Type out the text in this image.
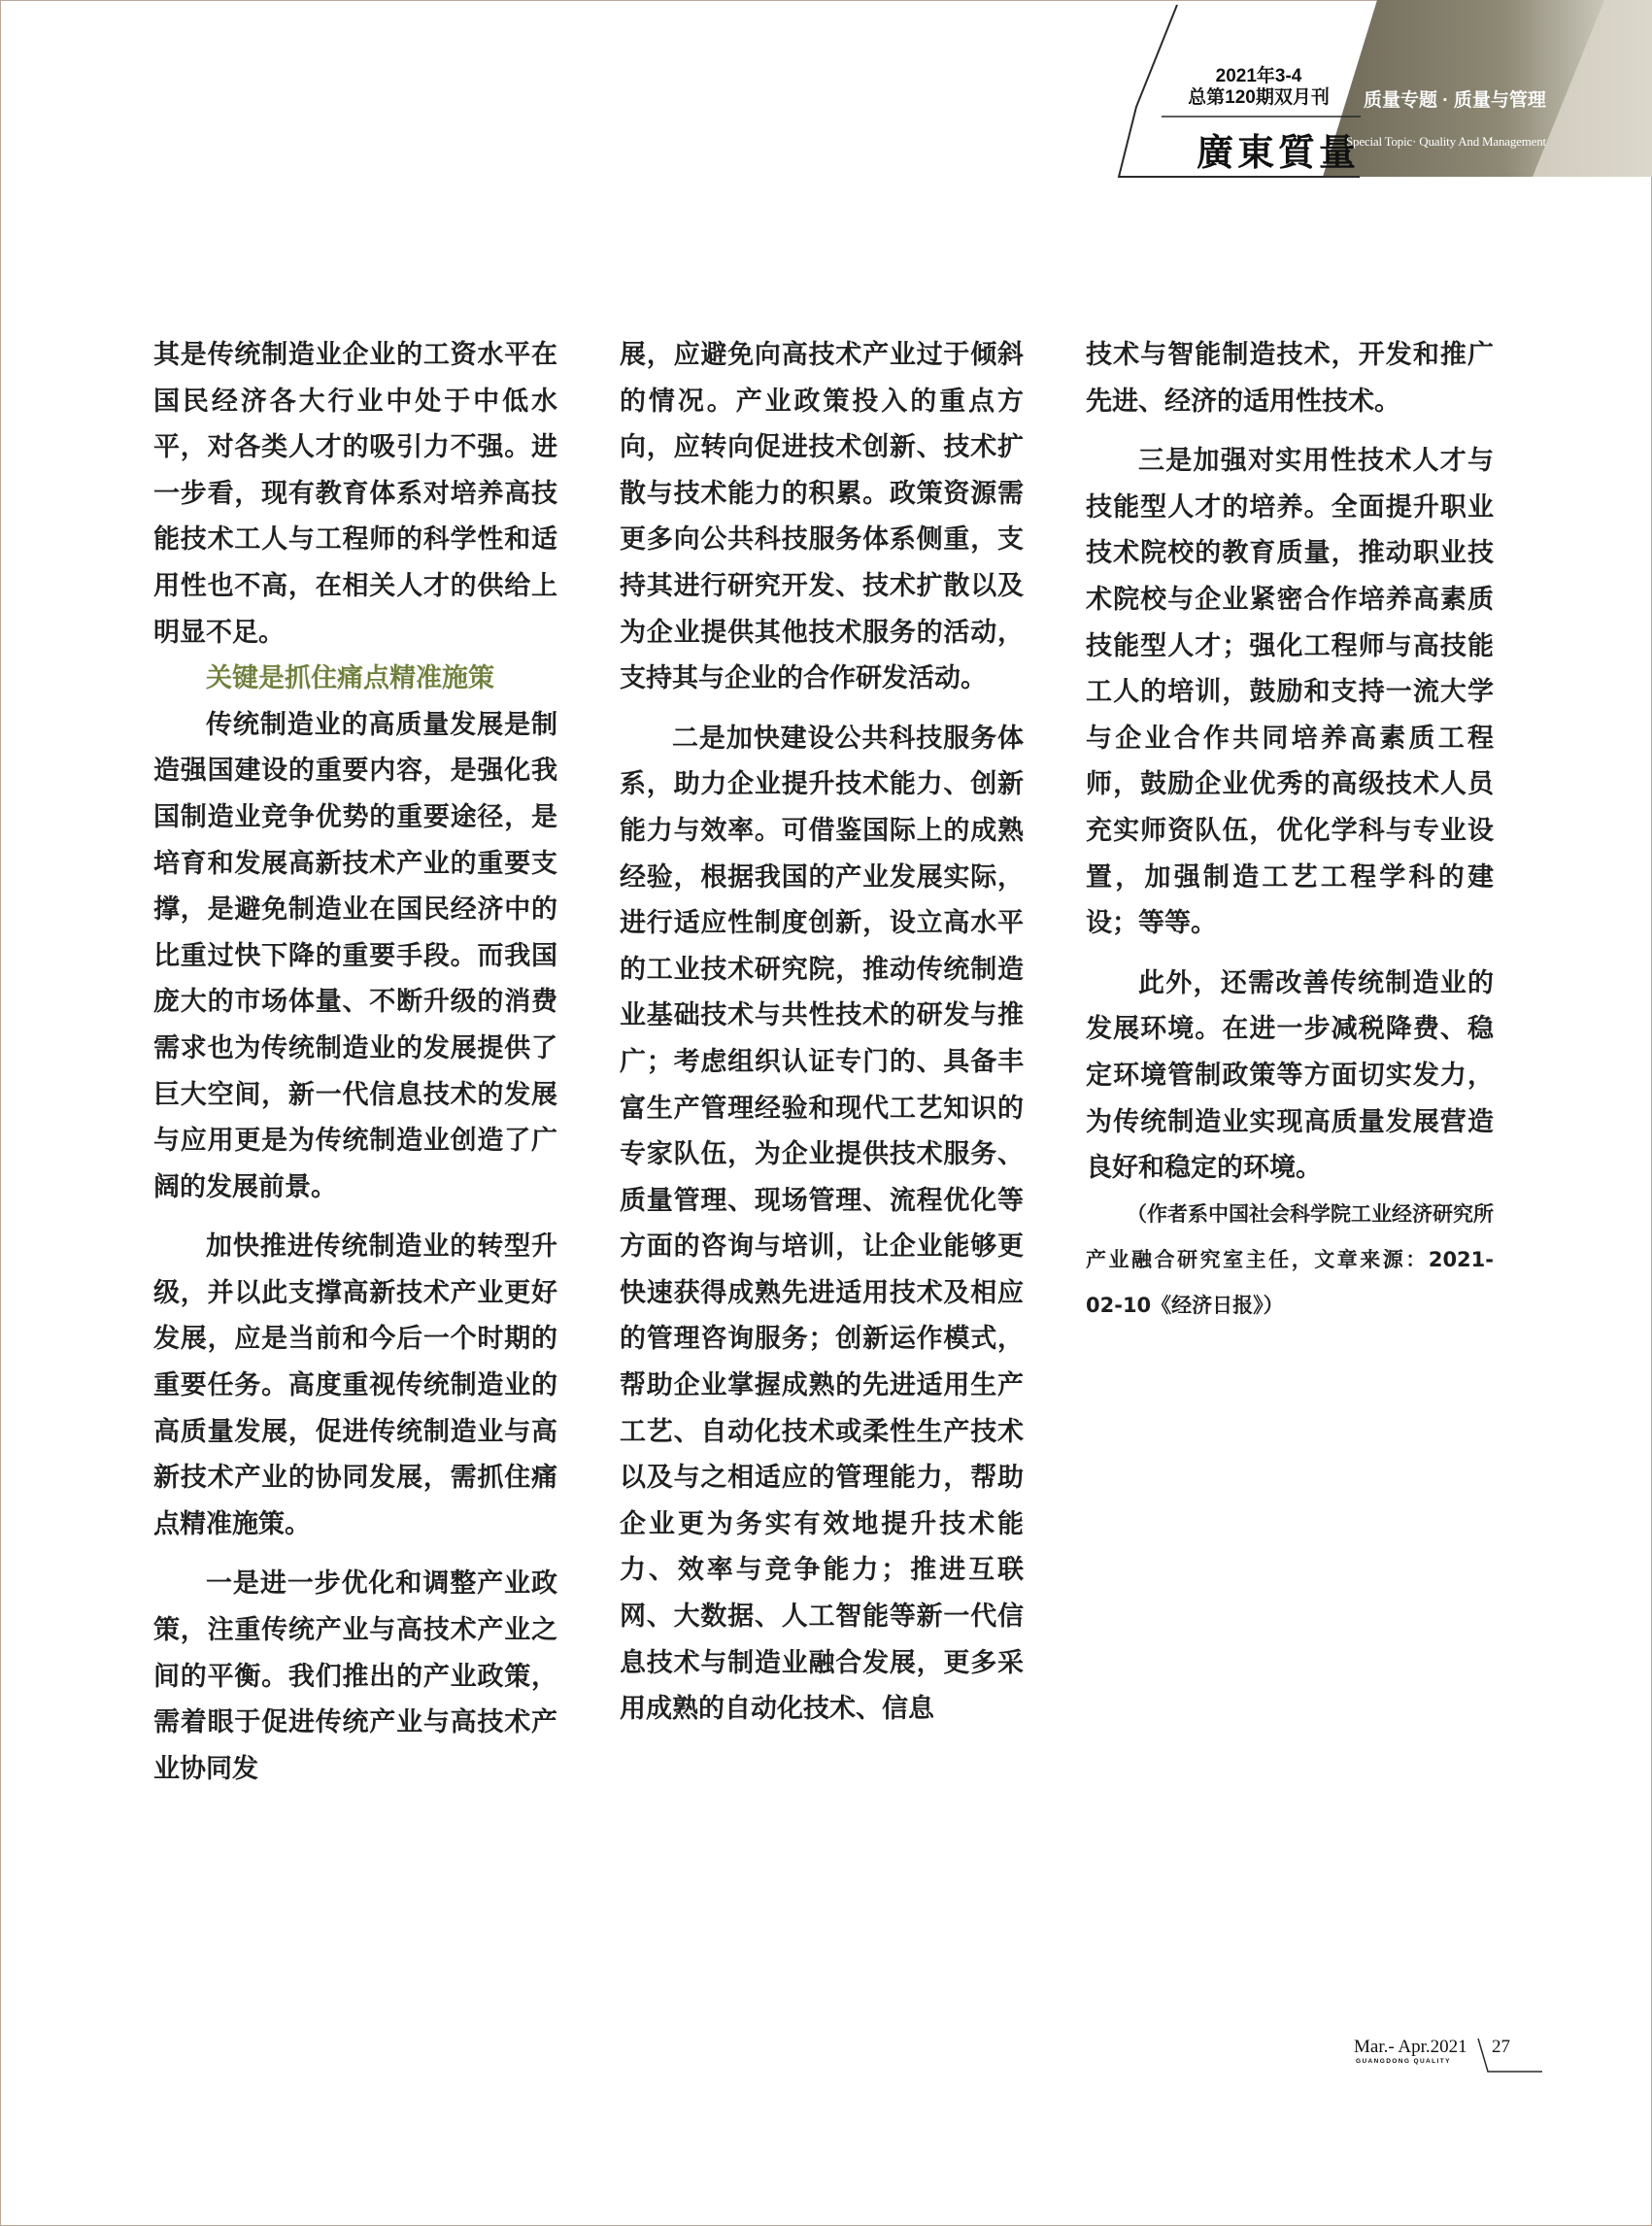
2021年3-4
总第120期双月刊	质量专题 · 质量与管理
廣東質量
Special Topic· Quality And Management

其是传统制造业企业的工资水平在国民经济各大行业中处于中低水平，对各类人才的吸引力不强。进一步看，现有教育体系对培养高技能技术工人与工程师的科学性和适用性也不高，在相关人才的供给上明显不足。

关键是抓住痛点精准施策

传统制造业的高质量发展是制造强国建设的重要内容，是强化我国制造业竞争优势的重要途径，是培育和发展高新技术产业的重要支撑，是避免制造业在国民经济中的比重过快下降的重要手段。而我国庞大的市场体量、不断升级的消费需求也为传统制造业的发展提供了巨大空间，新一代信息技术的发展与应用更是为传统制造业创造了广阔的发展前景。

加快推进传统制造业的转型升级，并以此支撑高新技术产业更好发展，应是当前和今后一个时期的重要任务。高度重视传统制造业的高质量发展，促进传统制造业与高新技术产业的协同发展，需抓住痛点精准施策。

一是进一步优化和调整产业政策，注重传统产业与高技术产业之间的平衡。我们推出的产业政策，需着眼于促进传统产业与高技术产业协同发

展，应避免向高技术产业过于倾斜的情况。产业政策投入的重点方向，应转向促进技术创新、技术扩散与技术能力的积累。政策资源需更多向公共科技服务体系侧重，支持其进行研究开发、技术扩散以及为企业提供其他技术服务的活动，支持其与企业的合作研发活动。

二是加快建设公共科技服务体系，助力企业提升技术能力、创新能力与效率。可借鉴国际上的成熟经验，根据我国的产业发展实际，进行适应性制度创新，设立高水平的工业技术研究院，推动传统制造业基础技术与共性技术的研发与推广；考虑组织认证专门的、具备丰富生产管理经验和现代工艺知识的专家队伍，为企业提供技术服务、质量管理、现场管理、流程优化等方面的咨询与培训，让企业能够更快速获得成熟先进适用技术及相应的管理咨询服务；创新运作模式，帮助企业掌握成熟的先进适用生产工艺、自动化技术或柔性生产技术以及与之相适应的管理能力，帮助企业更为务实有效地提升技术能力、效率与竞争能力；推进互联网、大数据、人工智能等新一代信息技术与制造业融合发展，更多采用成熟的自动化技术、信息

技术与智能制造技术，开发和推广先进、经济的适用性技术。

三是加强对实用性技术人才与技能型人才的培养。全面提升职业技术院校的教育质量，推动职业技术院校与企业紧密合作培养高素质技能型人才；强化工程师与高技能工人的培训，鼓励和支持一流大学与企业合作共同培养高素质工程师，鼓励企业优秀的高级技术人员充实师资队伍，优化学科与专业设置，加强制造工艺工程学科的建设；等等。

此外，还需改善传统制造业的发展环境。在进一步减税降费、稳定环境管制政策等方面切实发力，为传统制造业实现高质量发展营造良好和稳定的环境。

（作者系中国社会科学院工业经济研究所产业融合研究室主任，文章来源：2021-02-10《经济日报》）

Mar.- Apr.2021
GUANGDONG QUALITY
27
